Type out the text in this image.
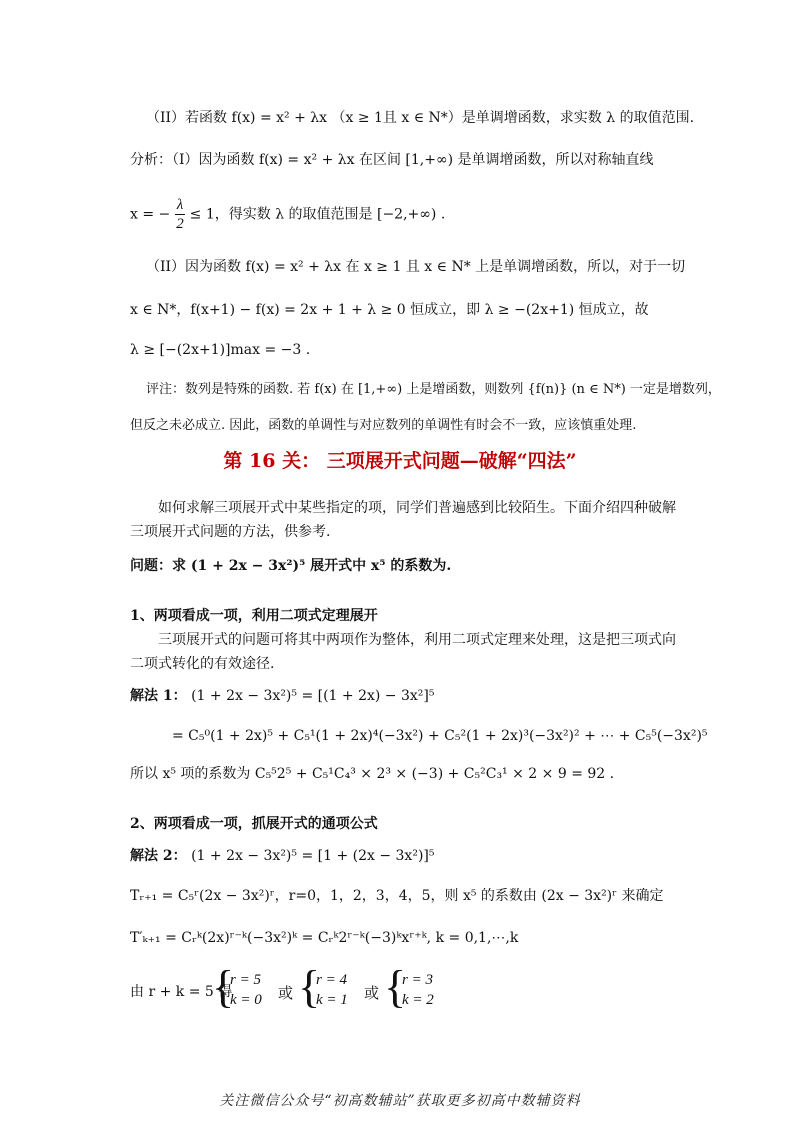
（II）若函数 f(x) = x² + λx （x ≥ 1且 x ∈ N*）是单调增函数，求实数 λ 的取值范围.
分析：（I）因为函数 f(x) = x² + λx 在区间 [1,+∞) 是单调增函数，所以对称轴直线
x = − $\frac{\lambda}{2} \le 1$，得实数 λ 的取值范围是 [−2,+∞) .
（II）因为函数 f(x) = x² + λx 在 x ≥ 1 且 x ∈ N* 上是单调增函数，所以，对于一切
x ∈ N*，f(x+1) − f(x) = 2x + 1 + λ ≥ 0 恒成立，即 λ ≥ −(2x+1) 恒成立，故
λ ≥ [−(2x+1)]max = −3 .
评注：数列是特殊的函数. 若 f(x) 在 [1,+∞) 上是增函数，则数列 {f(n)} (n ∈ N*) 一定是增数列，
但反之未必成立. 因此，函数的单调性与对应数列的单调性有时会不一致，应该慎重处理.
第 16 关： 三项展开式问题—破解“四法”
如何求解三项展开式中某些指定的项，同学们普遍感到比较陌生。下面介绍四种破解
三项展开式问题的方法，供参考.
问题：求 (1 + 2x − 3x²)⁵ 展开式中 x⁵ 的系数为.
1、两项看成一项，利用二项式定理展开
三项展开式的问题可将其中两项作为整体，利用二项式定理来处理，这是把三项式向
二项式转化的有效途径.
解法 1： (1 + 2x − 3x²)⁵ = [(1 + 2x) − 3x²]⁵
= C₅⁰(1 + 2x)⁵ + C₅¹(1 + 2x)⁴(−3x²) + C₅²(1 + 2x)³(−3x²)² + ⋯ + C₅⁵(−3x²)⁵
所以 x⁵ 项的系数为 C₅⁵2⁵ + C₅¹C₄³ × 2³ × (−3) + C₅²C₃¹ × 2 × 9 = 92 .
2、两项看成一项，抓展开式的通项公式
解法 2： (1 + 2x − 3x²)⁵ = [1 + (2x − 3x²)]⁵
Tᵣ₊₁ = C₅ʳ(2x − 3x²)ʳ，r=0，1，2，3，4，5，则 x⁵ 的系数由 (2x − 3x²)ʳ 来确定
T′ₖ₊₁ = Cᵣᵏ(2x)ʳ⁻ᵏ(−3x²)ᵏ = Cᵣᵏ2ʳ⁻ᵏ(−3)ᵏxʳ⁺ᵏ, k = 0,1,⋯,k
由 r + k = 5 得
{
r = 5
k = 0 或 {
r = 4
k = 1 或 {
r = 3
k = 2
关注微信公众号“初高数辅站”获取更多初高中数辅资料
